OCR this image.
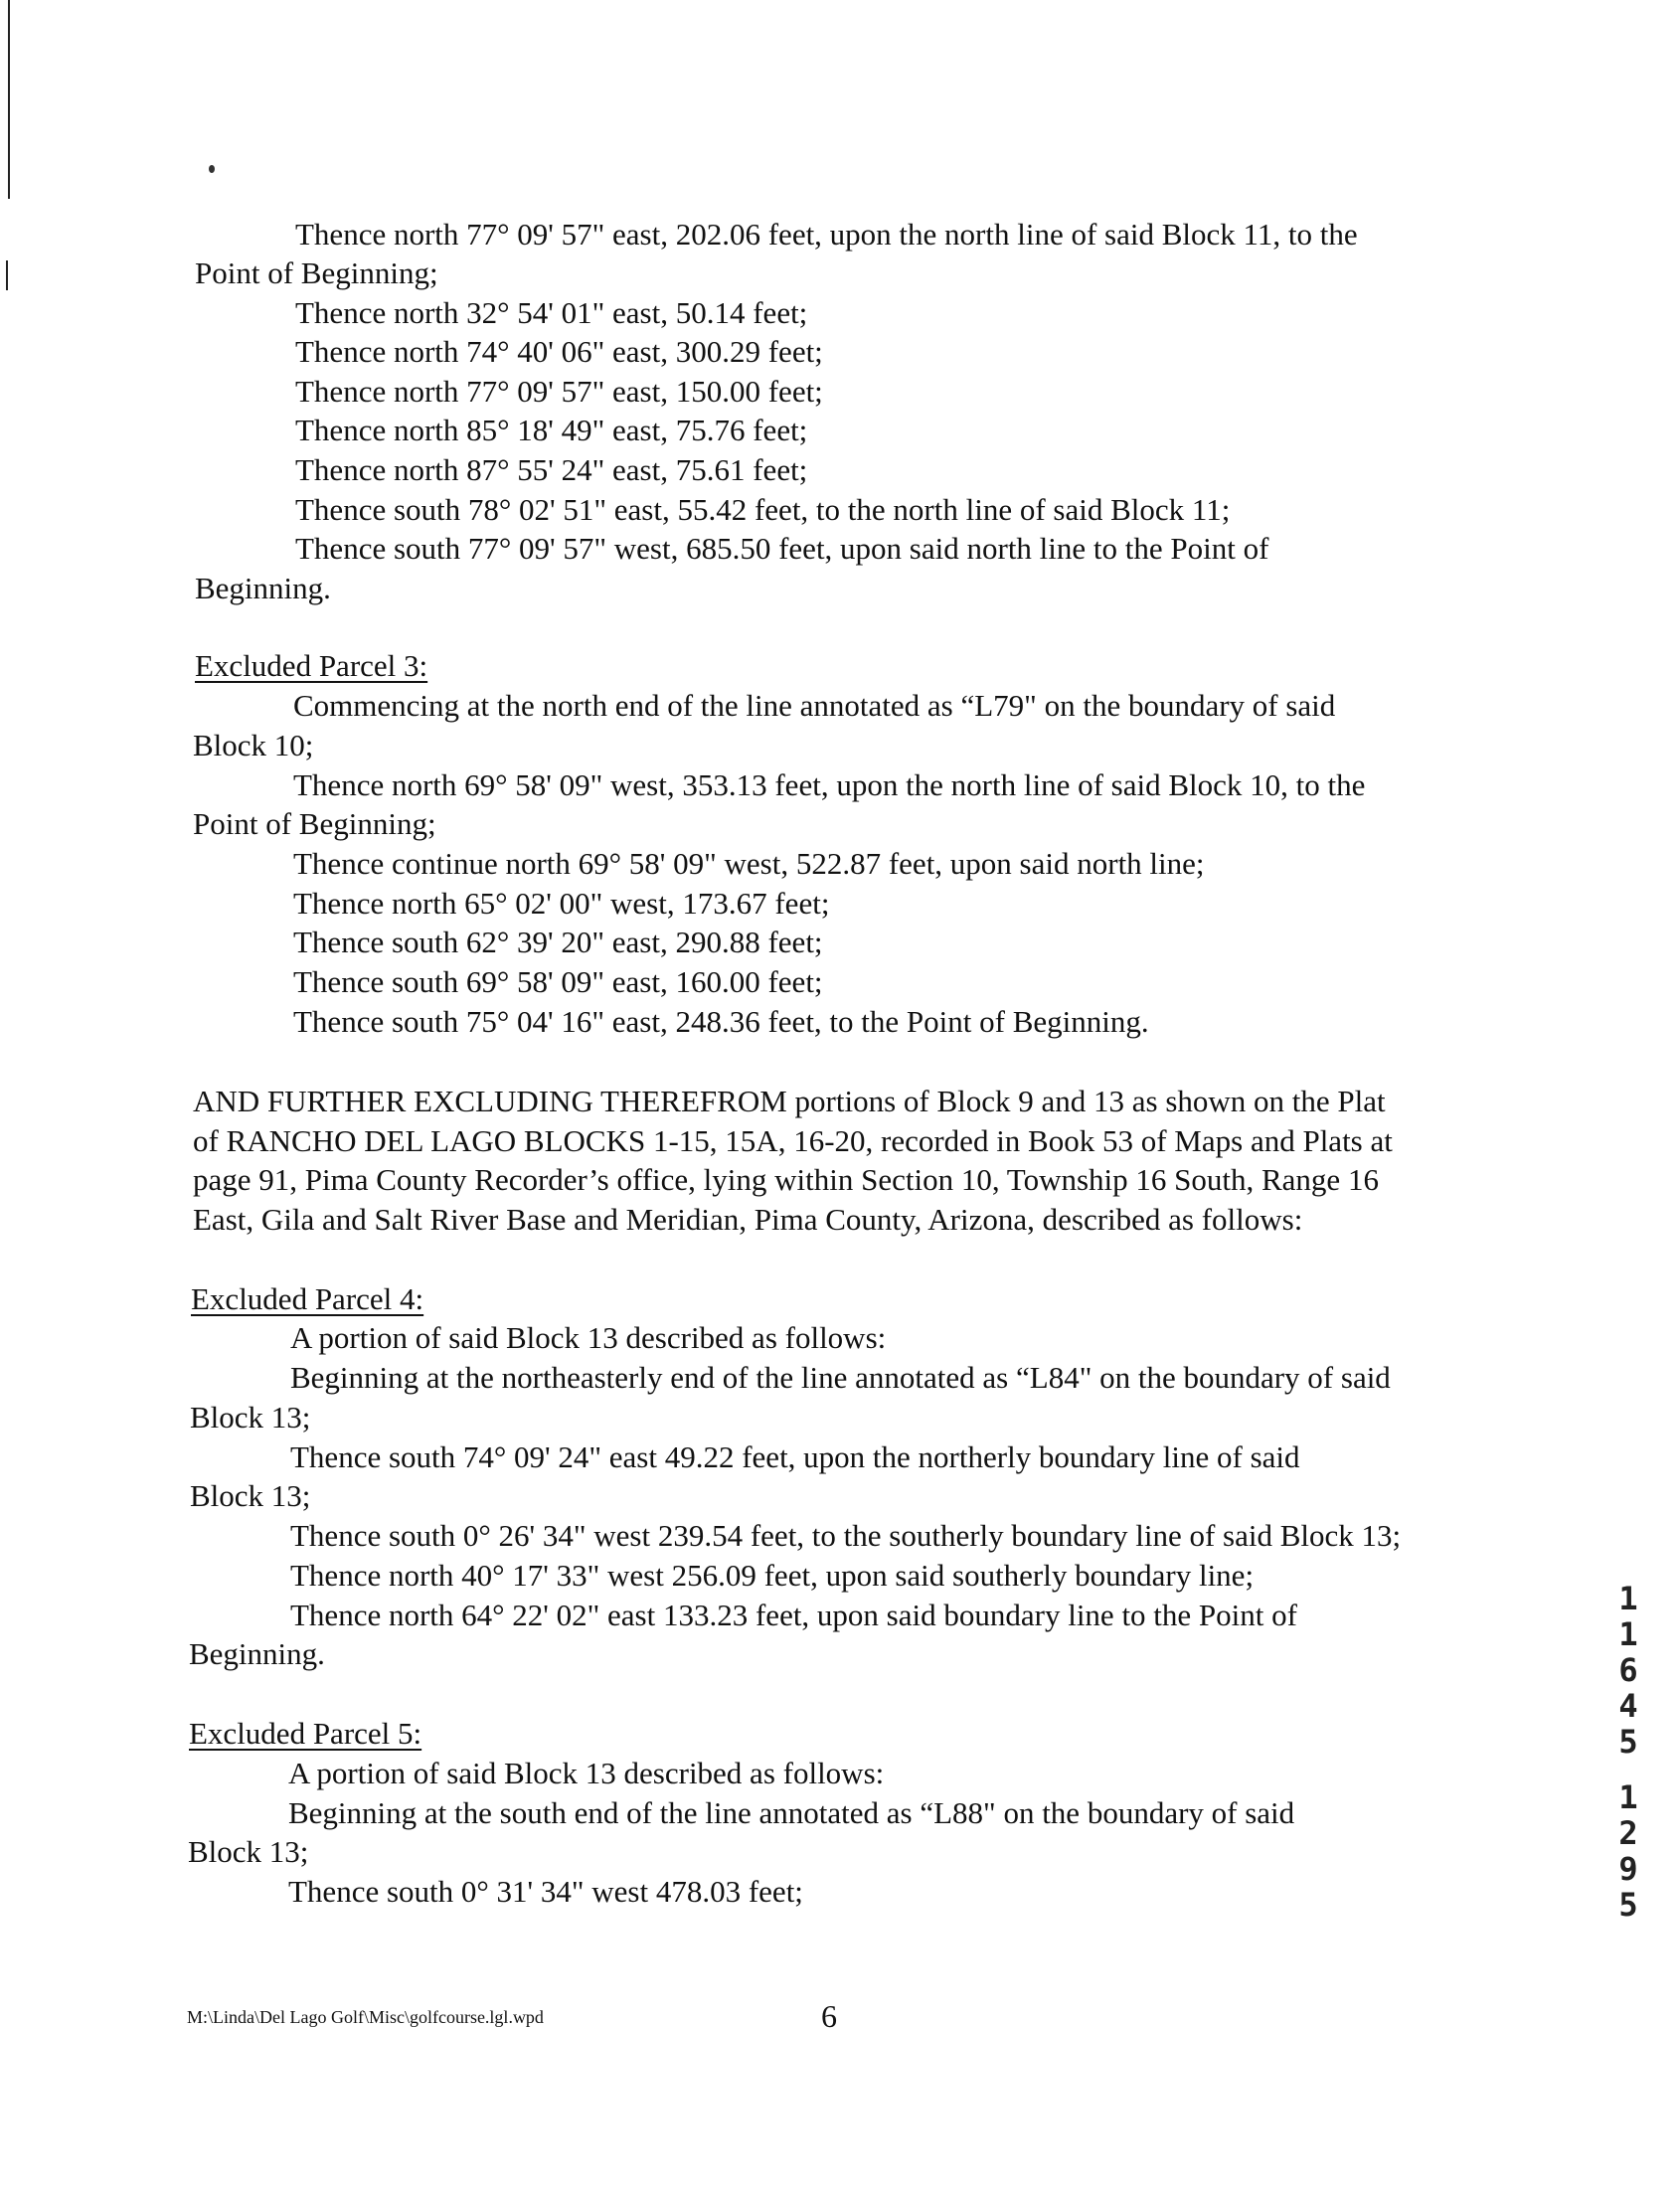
Thence north 77° 09' 57" east, 202.06 feet, upon the north line of said Block 11, to the
Point of Beginning;
Thence north 32° 54' 01" east, 50.14 feet;
Thence north 74° 40' 06" east, 300.29 feet;
Thence north 77° 09' 57" east, 150.00 feet;
Thence north 85° 18' 49" east, 75.76 feet;
Thence north 87° 55' 24" east, 75.61 feet;
Thence south 78° 02' 51" east, 55.42 feet, to the north line of said Block 11;
Thence south 77° 09' 57" west, 685.50 feet, upon said north line to the Point of
Beginning.
Excluded Parcel 3:
Commencing at the north end of the line annotated as “L79" on the boundary of said
Block 10;
Thence north 69° 58' 09" west, 353.13 feet, upon the north line of said Block 10, to the
Point of Beginning;
Thence continue north 69° 58' 09" west, 522.87 feet, upon said north line;
Thence north 65° 02' 00" west, 173.67 feet;
Thence south 62° 39' 20" east, 290.88 feet;
Thence south 69° 58' 09" east, 160.00 feet;
Thence south 75° 04' 16" east, 248.36 feet, to the Point of Beginning.
AND FURTHER EXCLUDING THEREFROM portions of Block 9 and 13 as shown on the Plat
of RANCHO DEL LAGO BLOCKS 1-15, 15A, 16-20, recorded in Book 53 of Maps and Plats at
page 91, Pima County Recorder’s office, lying within Section 10, Township 16 South, Range 16
East, Gila and Salt River Base and Meridian, Pima County, Arizona, described as follows:
Excluded Parcel 4:
A portion of said Block 13 described as follows:
Beginning at the northeasterly end of the line annotated as “L84" on the boundary of said
Block 13;
Thence south 74° 09' 24" east 49.22 feet, upon the northerly boundary line of said
Block 13;
Thence south 0° 26' 34" west 239.54 feet, to the southerly boundary line of said Block 13;
Thence north 40° 17' 33" west 256.09 feet, upon said southerly boundary line;
Thence north 64° 22' 02" east 133.23 feet, upon said boundary line to the Point of
Beginning.
Excluded Parcel 5:
A portion of said Block 13 described as follows:
Beginning at the south end of the line annotated as “L88" on the boundary of said
Block 13;
Thence south 0° 31' 34" west 478.03 feet;
M:\Linda\Del Lago Golf\Misc\golfcourse.lgl.wpd	6
1
1
6
4
5
1
2
9
5
